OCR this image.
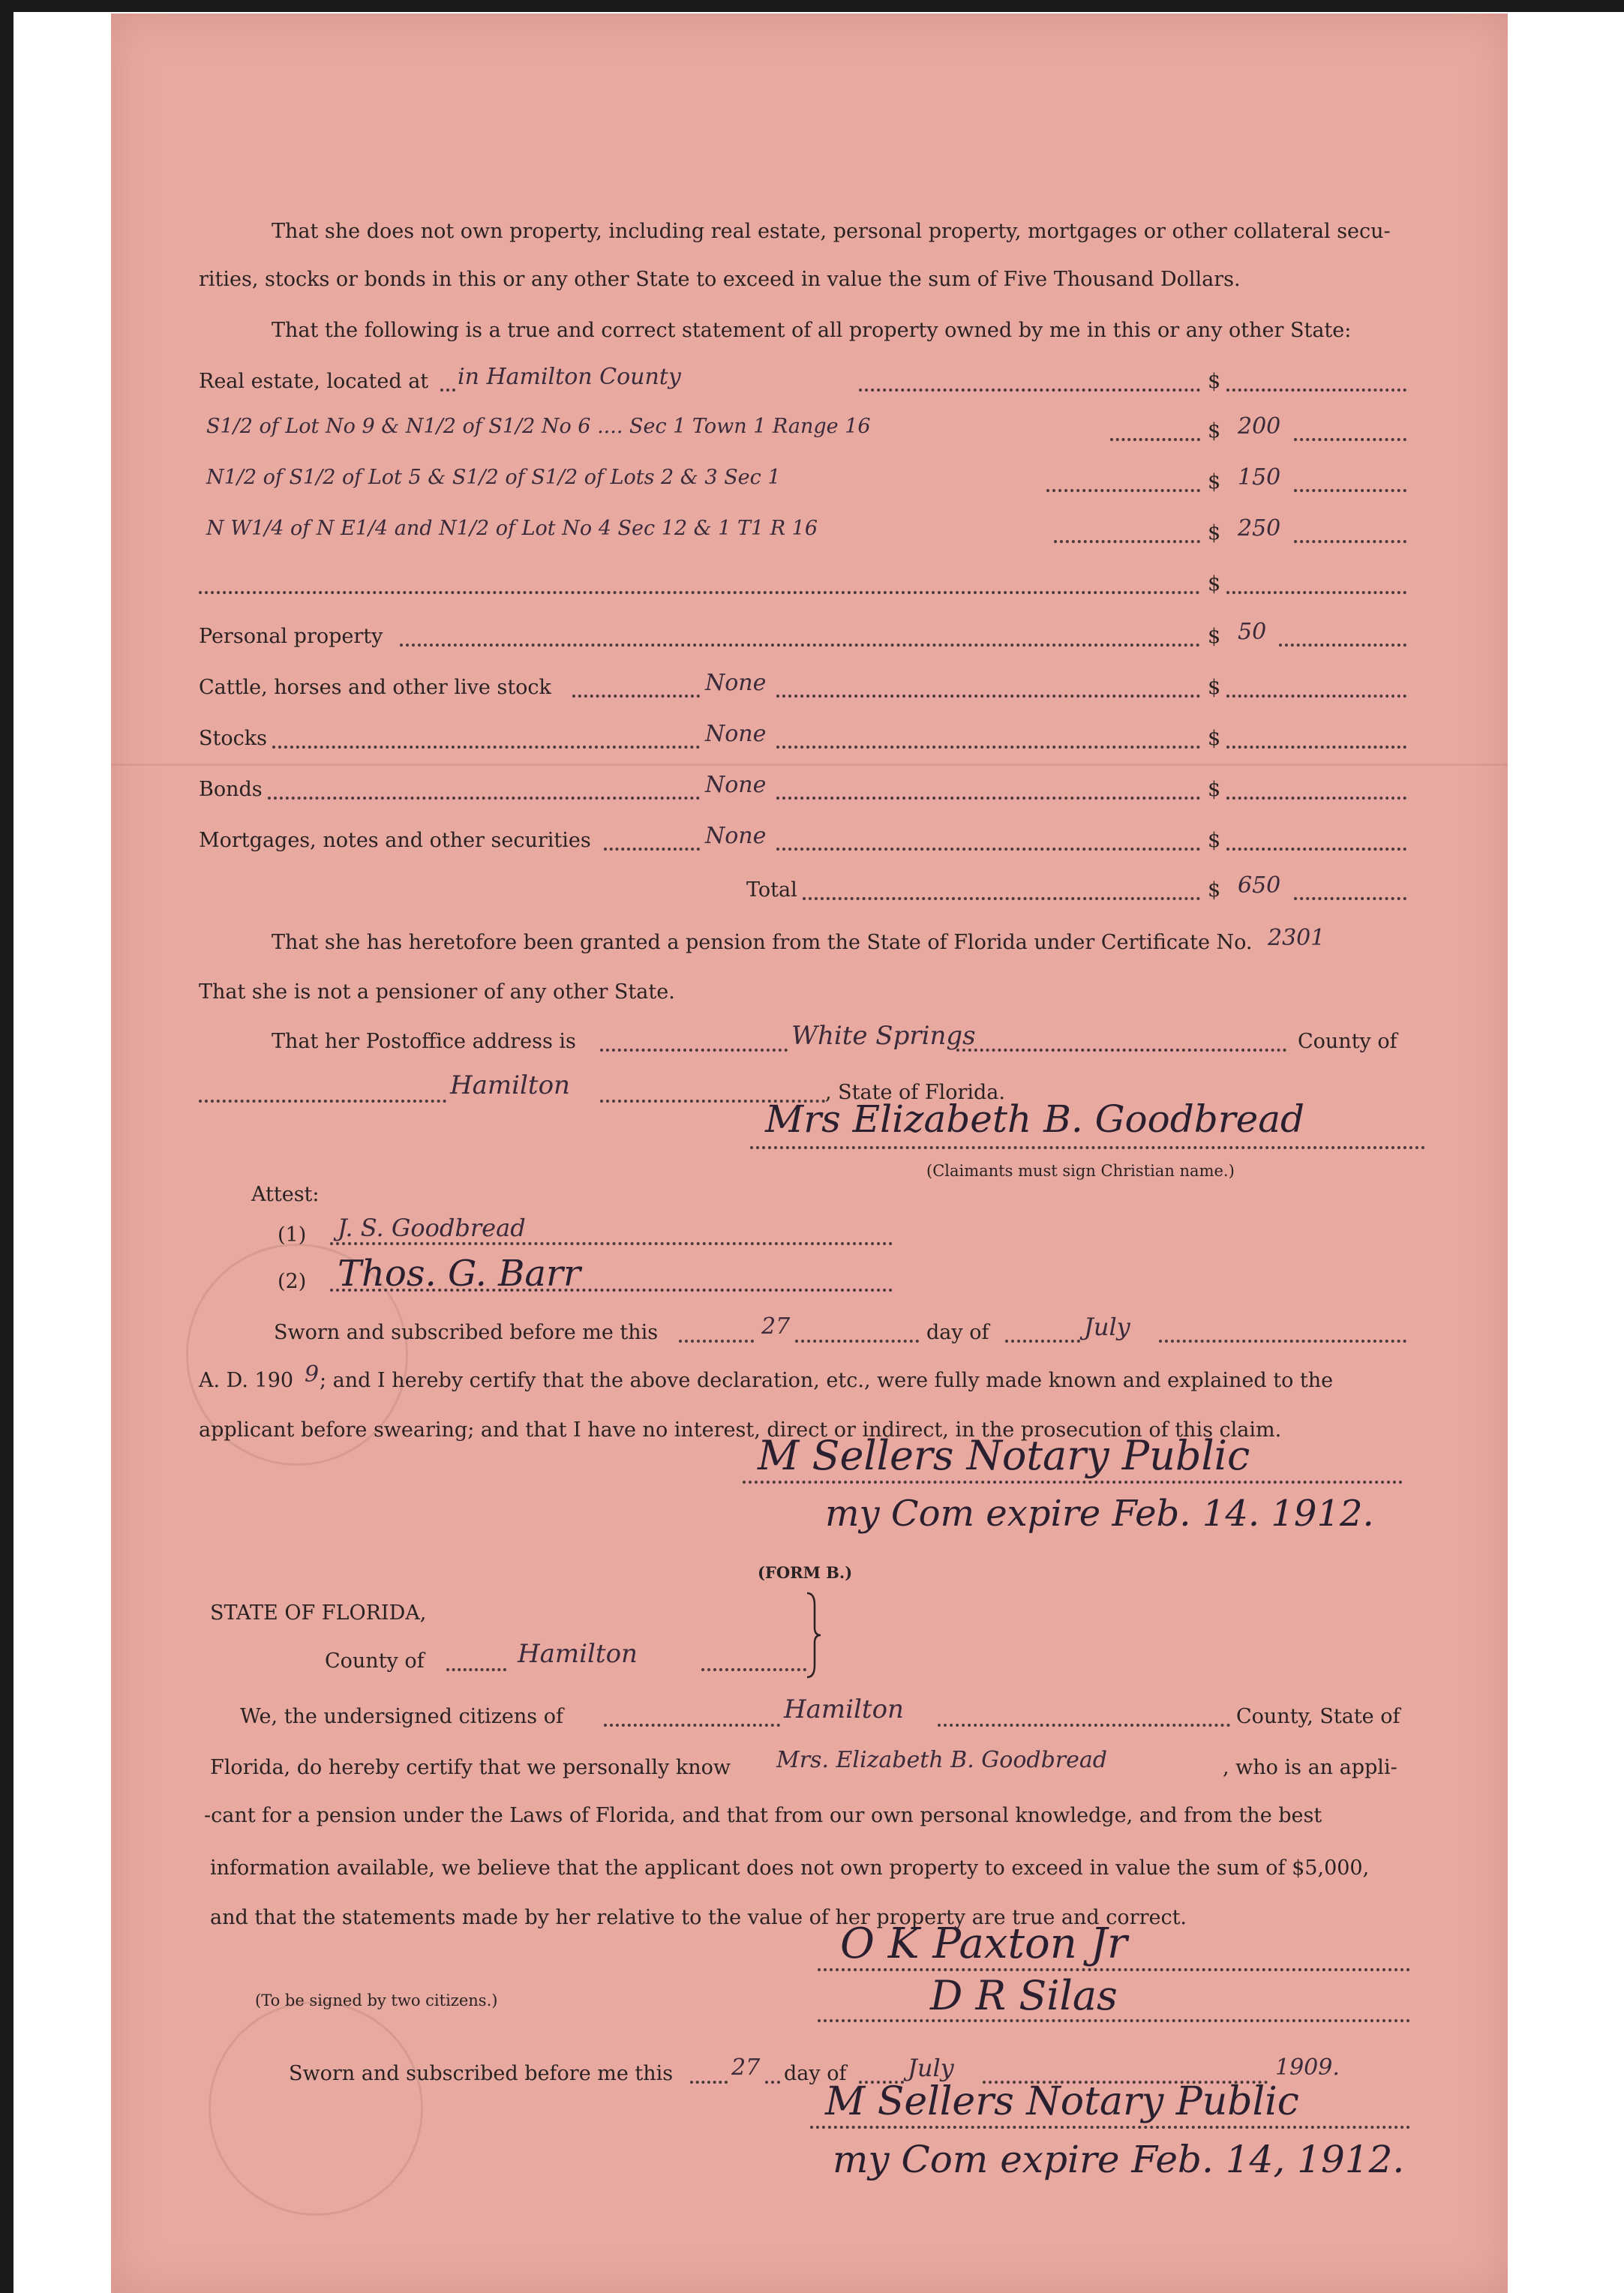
That she does not own property, including real estate, personal property, mortgages or other collateral secu-
rities, stocks or bonds in this or any other State to exceed in value the sum of Five Thousand Dollars.
That the following is a true and correct statement of all property owned by me in this or any other State:
Real estate, located at in Hamilton County	$
S1/2 of Lot No 9 & N1/2 of S1/2 No 6 .... Sec 1 Town 1 Range 16	$ 200
N1/2 of S1/2 of Lot 5 & S1/2 of S1/2 of Lots 2 & 3 Sec 1	$ 150
N W1/4 of N E1/4 and N1/2 of Lot No 4 Sec 12 & 1 T1 R 16	$ 250
$
Personal property	$ 50
Cattle, horses and other live stock	None	$
Stocks	None	$
Bonds	None	$
Mortgages, notes and other securities	None	$
Total	$ 650
That she has heretofore been granted a pension from the State of Florida under Certificate No. 2301
That she is not a pensioner of any other State.
That her Postoffice address is	White Springs	County of
Hamilton	, State of Florida.
Mrs Elizabeth B. Goodbread
(Claimants must sign Christian name.)
Attest:
(1) J. S. Goodbread
(2) Thos. G. Barr
Sworn and subscribed before me this	27	day of	July
A. D. 190 9 ; and I hereby certify that the above declaration, etc., were fully made known and explained to the
applicant before swearing; and that I have no interest, direct or indirect, in the prosecution of this claim.
M Sellers Notary Public
my Com expire Feb. 14. 1912.
(FORM B.)
STATE OF FLORIDA,
County of	Hamilton
We, the undersigned citizens of	Hamilton	County, State of
Florida, do hereby certify that we personally know Mrs. Elizabeth B. Goodbread	, who is an appli-
-cant for a pension under the Laws of Florida, and that from our own personal knowledge, and from the best
information available, we believe that the applicant does not own property to exceed in value the sum of $5,000,
and that the statements made by her relative to the value of her property are true and correct.
O K Paxton Jr
(To be signed by two citizens.)	D R Silas
Sworn and subscribed before me this	27 day of	July	1909.
M Sellers Notary Public
my Com expire Feb. 14, 1912.
